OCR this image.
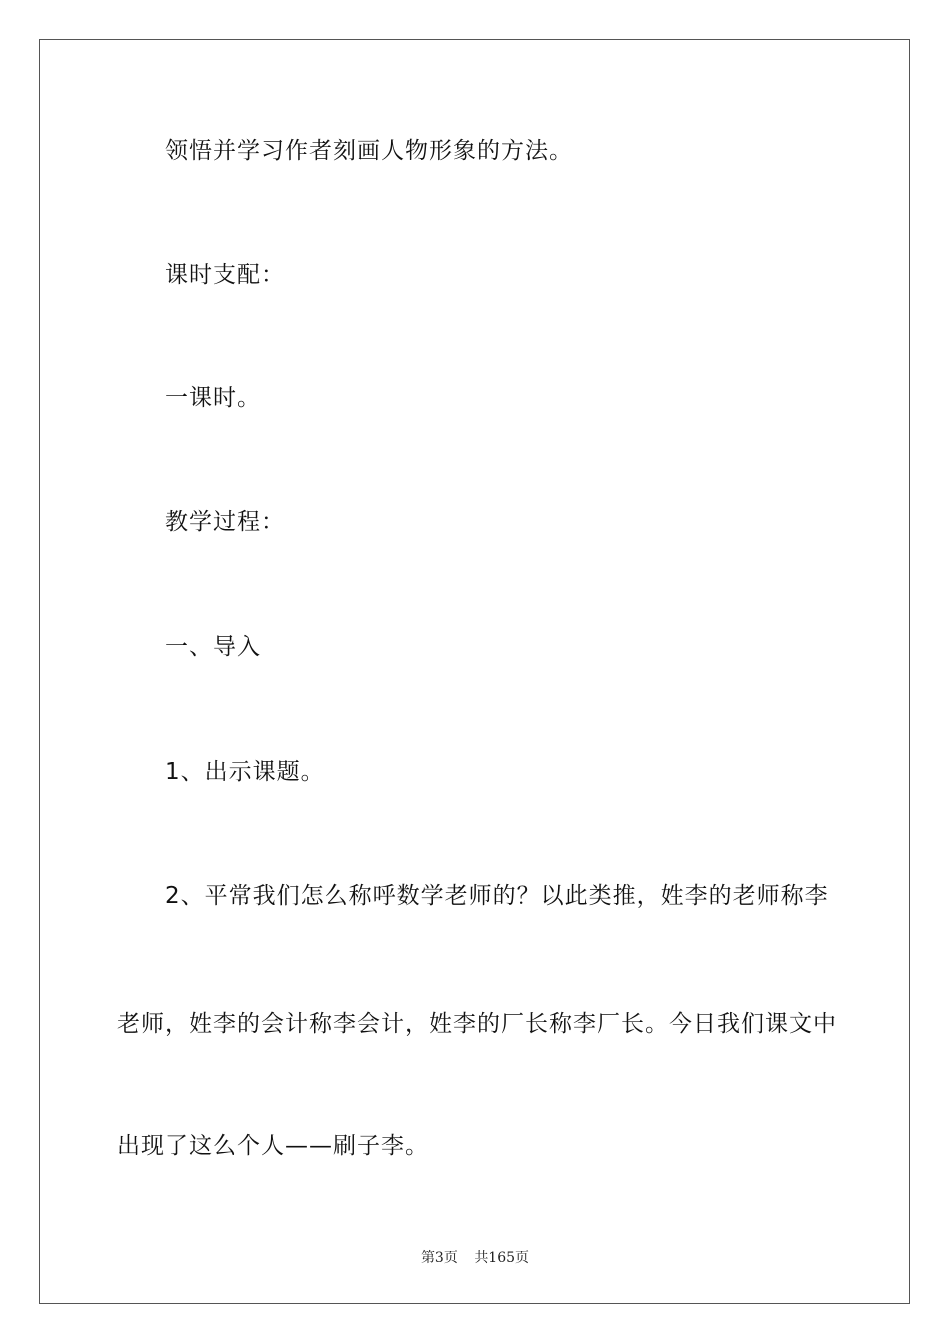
领悟并学习作者刻画人物形象的方法。
课时支配：
一课时。
教学过程：
一、导入
1、出示课题。
2、平常我们怎么称呼数学老师的？以此类推，姓李的老师称李
老师，姓李的会计称李会计，姓李的厂长称李厂长。今日我们课文中
出现了这么个人——刷子李。
第3页 共165页
